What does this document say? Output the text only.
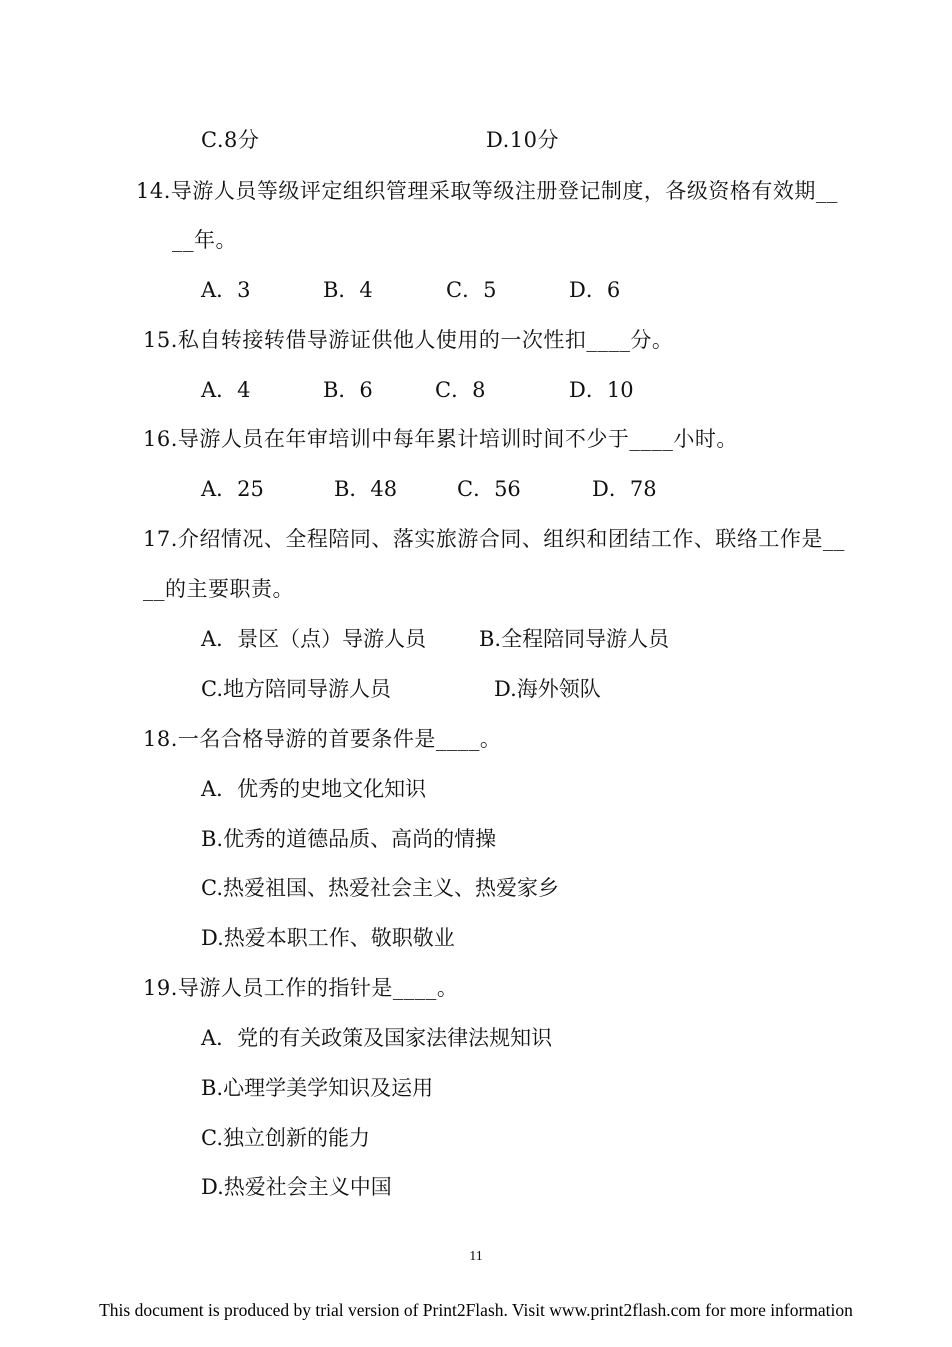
C.8分	D.10分
14.导游人员等级评定组织管理采取等级注册登记制度，各级资格有效期__
__年。
A．3	B．4	C．5	D．6
15.私自转接转借导游证供他人使用的一次性扣____分。
A．4	B．6	C．8	D．10
16.导游人员在年审培训中每年累计培训时间不少于____小时。
A．25	B．48	C．56	D．78
17.介绍情况、全程陪同、落实旅游合同、组织和团结工作、联络工作是__
__的主要职责。
A．景区（点）导游人员	B.全程陪同导游人员
C.地方陪同导游人员	D.海外领队
18.一名合格导游的首要条件是____。
A．优秀的史地文化知识
B.优秀的道德品质、高尚的情操
C.热爱祖国、热爱社会主义、热爱家乡
D.热爱本职工作、敬职敬业
19.导游人员工作的指针是____。
A．党的有关政策及国家法律法规知识
B.心理学美学知识及运用
C.独立创新的能力
D.热爱社会主义中国
11
This document is produced by trial version of Print2Flash. Visit www.print2flash.com for more information
